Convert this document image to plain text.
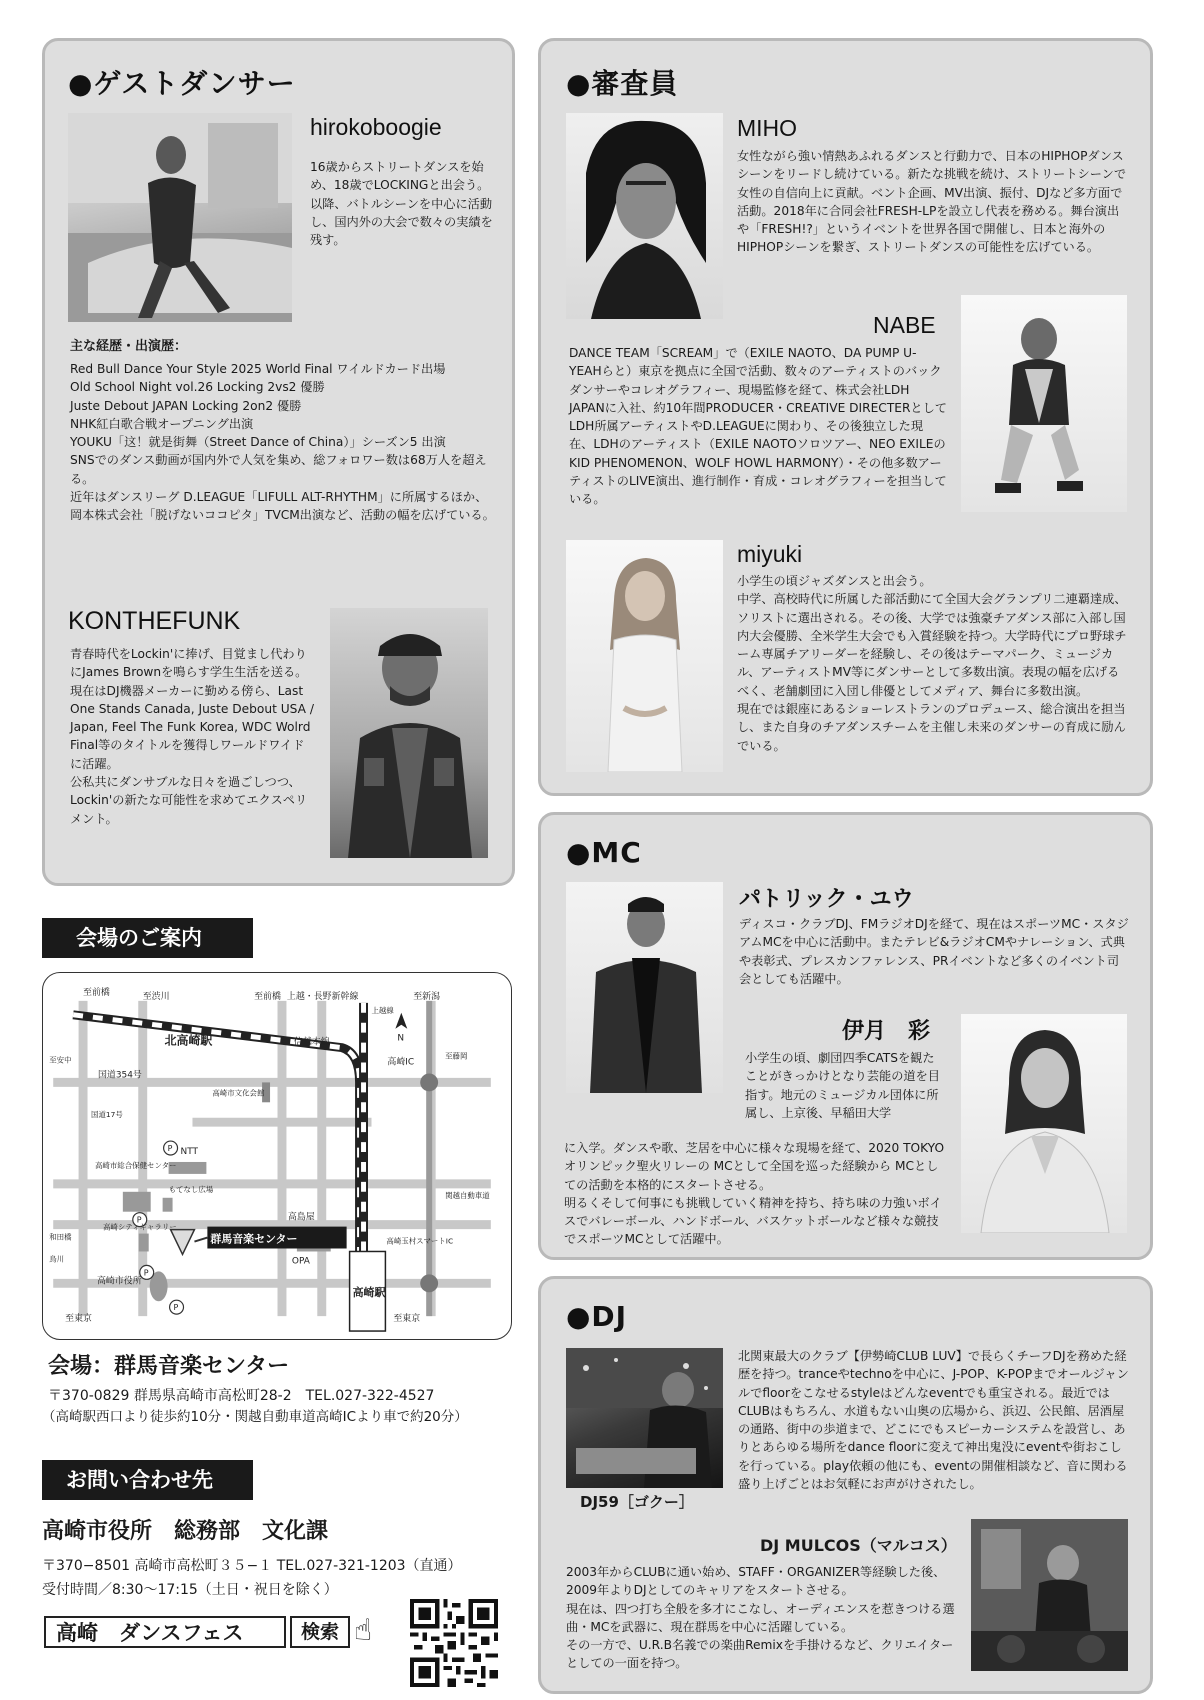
●ゲストダンサー
hirokoboogie
16歳からストリートダンスを始め、18歳でLOCKINGと出会う。以降、バトルシーンを中心に活動し、国内外の大会で数々の実績を残す。
主な経歴・出演歴：

Red Bull Dance Your Style 2025 World Final ワイルドカード出場

Old School Night vol.26 Locking 2vs2 優勝

Juste Debout JAPAN Locking 2on2 優勝

NHK紅白歌合戦オープニング出演

YOUKU「这！就是街舞（Street Dance of China）」シーズン5 出演

SNSでのダンス動画が国内外で人気を集め、総フォロワー数は68万人を超える。

近年はダンスリーグ D.LEAGUE「LIFULL ALT-RHYTHM」に所属するほか、岡本株式会社「脱げないココピタ」TVCM出演など、活動の幅を広げている。

KONTHEFUNK
青春時代をLockin'に捧げ、目覚まし代わりにJames Brownを鳴らす学生生活を送る。
現在はDJ機器メーカーに勤める傍ら、Last One Stands Canada, Juste Debout USA / Japan, Feel The Funk Korea, WDC Wolrd Final等のタイトルを獲得しワールドワイドに活躍。
公私共にダンサブルな日々を過ごしつつ、Lockin'の新たな可能性を求めてエクスペリメント。
●審査員
MIHO
女性ながら強い情熱あふれるダンスと行動力で、日本のHIPHOPダンスシーンをリードし続けている。新たな挑戦を続け、ストリートシーンで女性の自信向上に貢献。ベント企画、MV出演、振付、DJなど多方面で活動。2018年に合同会社FRESH-LPを設立し代表を務める。舞台演出や「FRESH!?」というイベントを世界各国で開催し、日本と海外のHIPHOPシーンを繋ぎ、ストリートダンスの可能性を広げている。
NABE
DANCE TEAM「SCREAM」で（EXILE NAOTO、DA PUMP U-YEAHらと）東京を拠点に全国で活動、数々のアーティストのバックダンサーやコレオグラフィー、現場監修を経て、株式会社LDH JAPANに入社、約10年間PRODUCER・CREATIVE DIRECTERとしてLDH所属アーティストやD.LEAGUEに関わり、その後独立した現在、LDHのアーティスト（EXILE NAOTOソロツアー、NEO EXILEのKID PHENOMENON、WOLF HOWL HARMONY）・その他多数アーティストのLIVE演出、進行制作・育成・コレオグラフィーを担当している。
miyuki
小学生の頃ジャズダンスと出会う。
中学、高校時代に所属した部活動にて全国大会グランプリ二連覇達成、ソリストに選出される。その後、大学では強豪チアダンス部に入部し国内大会優勝、全米学生大会でも入賞経験を持つ。大学時代にプロ野球チーム専属チアリーダーを経験し、その後はテーマパーク、ミュージカル、アーティストMV等にダンサーとして多数出演。表現の幅を広げるべく、老舗劇団に入団し俳優としてメディア、舞台に多数出演。
現在では銀座にあるショーレストランのプロデュース、総合演出を担当し、また自身のチアダンスチームを主催し未来のダンサーの育成に励んでいる。
●MC
パトリック・ユウ
ディスコ・クラブDJ、FMラジオDJを経て、現在はスポーツMC・スタジアムMCを中心に活動中。またテレビ&ラジオCMやナレーション、式典や表彰式、プレスカンファレンス、PRイベントなど多くのイベント司会としても活躍中。
伊月　彩
小学生の頃、劇団四季CATSを観たことがきっかけとなり芸能の道を目指す。地元のミュージカル団体に所属し、上京後、早稲田大学
に入学。ダンスや歌、芝居を中心に様々な現場を経て、2020 TOKYOオリンピック聖火リレーの MCとして全国を巡った経験から MCとしての活動を本格的にスタートさせる。
明るくそして何事にも挑戦していく精神を持ち、持ち味の力強いボイスでバレーボール、ハンドボール、バスケットボールなど様々な競技でスポーツMCとして活躍中。
●DJ
DJ59［ゴクー］
北関東最大のクラブ【伊勢崎CLUB LUV】で長らくチーフDJを務めた経歴を持つ。tranceやtechnoを中心に、J-POP、K-POPまでオールジャンルでfloorをこなせるstyleはどんなeventでも重宝される。最近ではCLUBはもちろん、水道もない山奥の広場から、浜辺、公民館、居酒屋の通路、街中の歩道まで、どこにでもスピーカーシステムを設営し、ありとあらゆる場所をdance floorに変えて神出鬼没にeventや街おこしを行っている。play依頼の他にも、eventの開催相談など、音に関わる盛り上げごとはお気軽にお声がけされたし。
DJ MULCOS（マルコス）
2003年からCLUBに通い始め、STAFF・ORGANIZER等経験した後、2009年よりDJとしてのキャリアをスタートさせる。
現在は、四つ打ち全般を多才にこなし、オーディエンスを惹きつける選曲・MCを武器に、現在群馬を中心に活躍している。
その一方で、U.R.B名義での楽曲Remixを手掛けるなど、クリエイターとしての一面を持つ。
会場のご案内
P
P
P
P
至前橋	至渋川	至前橋 上越・長野新幹線	至新潟
N
信越本線
国道354号
高崎IC
NTT
高島屋
OPA
高崎市役所
至東京	至東京
高崎市総合保健センター
もてなし広場
高崎玉村スマートIC
高崎市文化会館
和田橋
高崎シティギャラリー
国道17号
至安中	至藤岡
烏川
上越線
関越自動車道
北高崎駅
群馬音楽センター
高崎駅
会場：群馬音楽センター
〒370-0829 群馬県高崎市高松町28-2　TEL.027-322-4527
（高崎駅西口より徒歩約10分・関越自動車道高崎ICより車で約20分）
お問い合わせ先
高崎市役所　総務部　文化課
〒370−8501 高崎市高松町３５−１ TEL.027-321-1203（直通）
受付時間／8:30〜17:15（土日・祝日を除く）
高崎　ダンスフェス	検索 ☝
